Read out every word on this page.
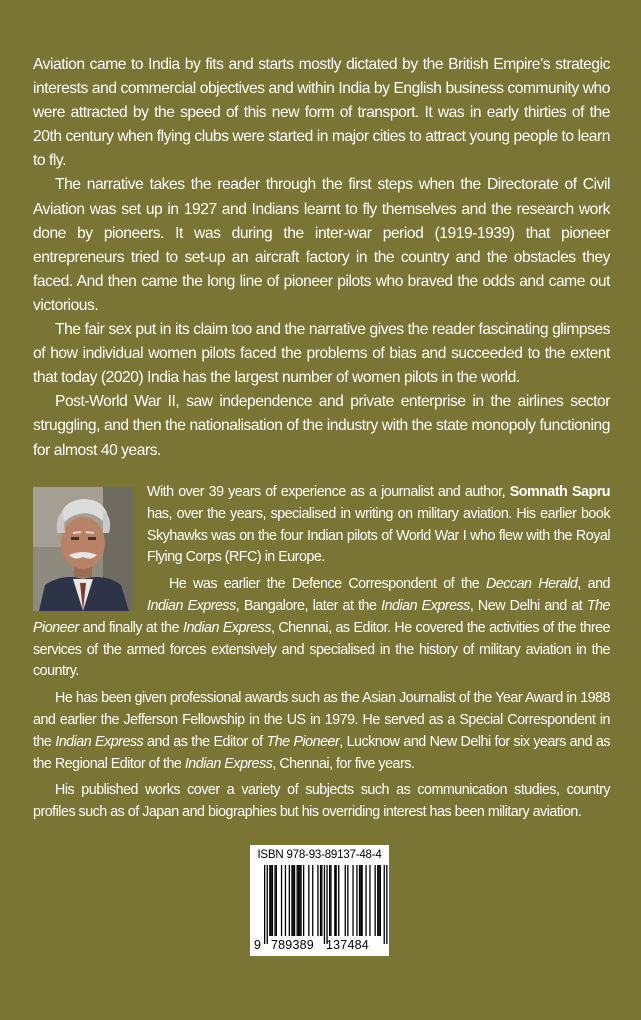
Aviation came to India by fits and starts mostly dictated by the British Empire’s strategic interests and commercial objectives and within India by English business community who were attracted by the speed of this new form of transport. It was in early thirties of the 20th century when flying clubs were started in major cities to attract young people to learn to fly.

The narrative takes the reader through the first steps when the Directorate of Civil Aviation was set up in 1927 and Indians learnt to fly themselves and the research work done by pioneers. It was during the inter-war period (1919-1939) that pioneer entrepreneurs tried to set-up an aircraft factory in the country and the obstacles they faced. And then came the long line of pioneer pilots who braved the odds and came out victorious.

The fair sex put in its claim too and the narrative gives the reader fascinating glimpses of how individual women pilots faced the problems of bias and succeeded to the extent that today (2020) India has the largest number of women pilots in the world.

Post-World War II, saw independence and private enterprise in the airlines sector struggling, and then the nationalisation of the industry with the state monopoly functioning for almost 40 years.

With over 39 years of experience as a journalist and author, Somnath Sapru has, over the years, specialised in writing on military aviation. His earlier book Skyhawks was on the four Indian pilots of World War I who flew with the Royal Flying Corps (RFC) in Europe.

He was earlier the Defence Correspondent of the Deccan Herald, and Indian Express, Bangalore, later at the Indian Express, New Delhi and at The Pioneer and finally at the Indian Express, Chennai, as Editor. He covered the activities of the three services of the armed forces extensively and specialised in the history of military aviation in the country.

He has been given professional awards such as the Asian Journalist of the Year Award in 1988 and earlier the Jefferson Fellowship in the US in 1979. He served as a Special Correspondent in the Indian Express and as the Editor of The Pioneer, Lucknow and New Delhi for six years and as the Regional Editor of the Indian Express, Chennai, for five years.

His published works cover a variety of subjects such as communication studies, country profiles such as of Japan and biographies but his overriding interest has been military aviation.

ISBN 978-93-89137-48-4
9 789389 137484
